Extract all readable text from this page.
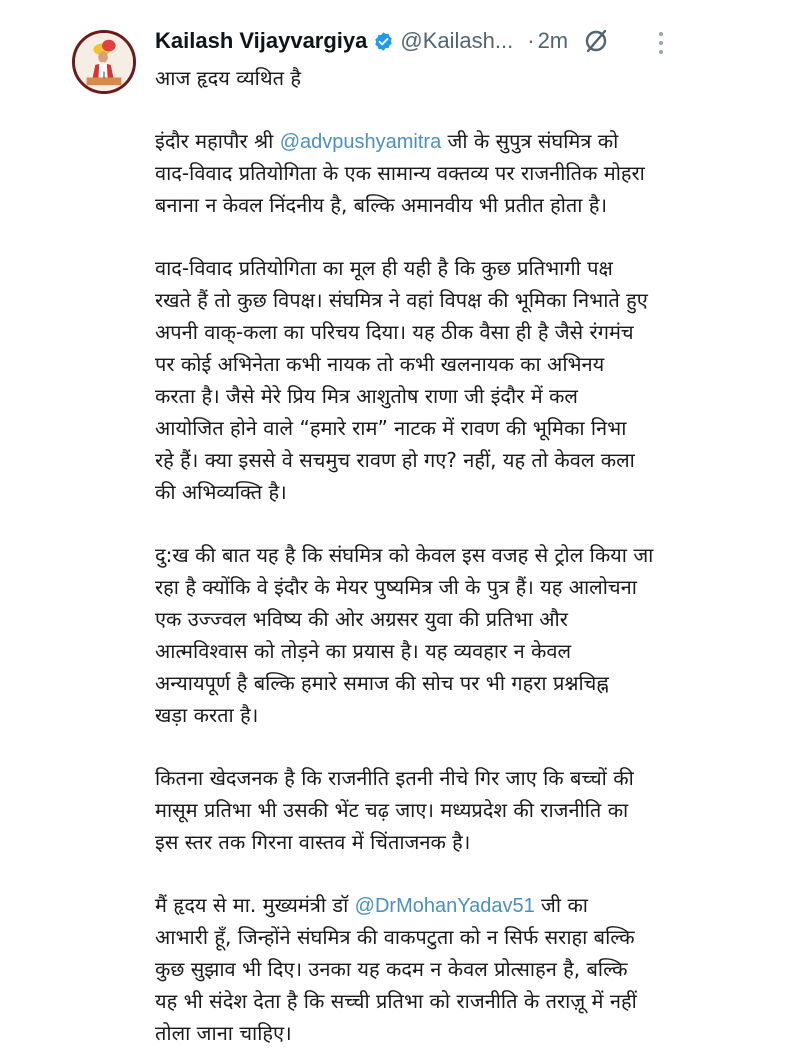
Kailash Vijayvargiya @Kailash... · 2m
आज हृदय व्यथित है
इंदौर महापौर श्री @advpushyamitra जी के सुपुत्र संघमित्र को
वाद-विवाद प्रतियोगिता के एक सामान्य वक्तव्य पर राजनीतिक मोहरा
बनाना न केवल निंदनीय है, बल्कि अमानवीय भी प्रतीत होता है।
वाद-विवाद प्रतियोगिता का मूल ही यही है कि कुछ प्रतिभागी पक्ष
रखते हैं तो कुछ विपक्ष। संघमित्र ने वहां विपक्ष की भूमिका निभाते हुए
अपनी वाक्-कला का परिचय दिया। यह ठीक वैसा ही है जैसे रंगमंच
पर कोई अभिनेता कभी नायक तो कभी खलनायक का अभिनय
करता है। जैसे मेरे प्रिय मित्र आशुतोष राणा जी इंदौर में कल
आयोजित होने वाले “हमारे राम” नाटक में रावण की भूमिका निभा
रहे हैं। क्या इससे वे सचमुच रावण हो गए? नहीं, यह तो केवल कला
की अभिव्यक्ति है।
दु:ख की बात यह है कि संघमित्र को केवल इस वजह से ट्रोल किया जा
रहा है क्योंकि वे इंदौर के मेयर पुष्यमित्र जी के पुत्र हैं। यह आलोचना
एक उज्ज्वल भविष्य की ओर अग्रसर युवा की प्रतिभा और
आत्मविश्वास को तोड़ने का प्रयास है। यह व्यवहार न केवल
अन्यायपूर्ण है बल्कि हमारे समाज की सोच पर भी गहरा प्रश्नचिह्न
खड़ा करता है।
कितना खेदजनक है कि राजनीति इतनी नीचे गिर जाए कि बच्चों की
मासूम प्रतिभा भी उसकी भेंट चढ़ जाए। मध्यप्रदेश की राजनीति का
इस स्तर तक गिरना वास्तव में चिंताजनक है।
मैं हृदय से मा. मुख्यमंत्री डॉ @DrMohanYadav51 जी का
आभारी हूँ, जिन्होंने संघमित्र की वाकपटुता को न सिर्फ सराहा बल्कि
कुछ सुझाव भी दिए। उनका यह कदम न केवल प्रोत्साहन है, बल्कि
यह भी संदेश देता है कि सच्ची प्रतिभा को राजनीति के तराज़ू में नहीं
तोला जाना चाहिए।
